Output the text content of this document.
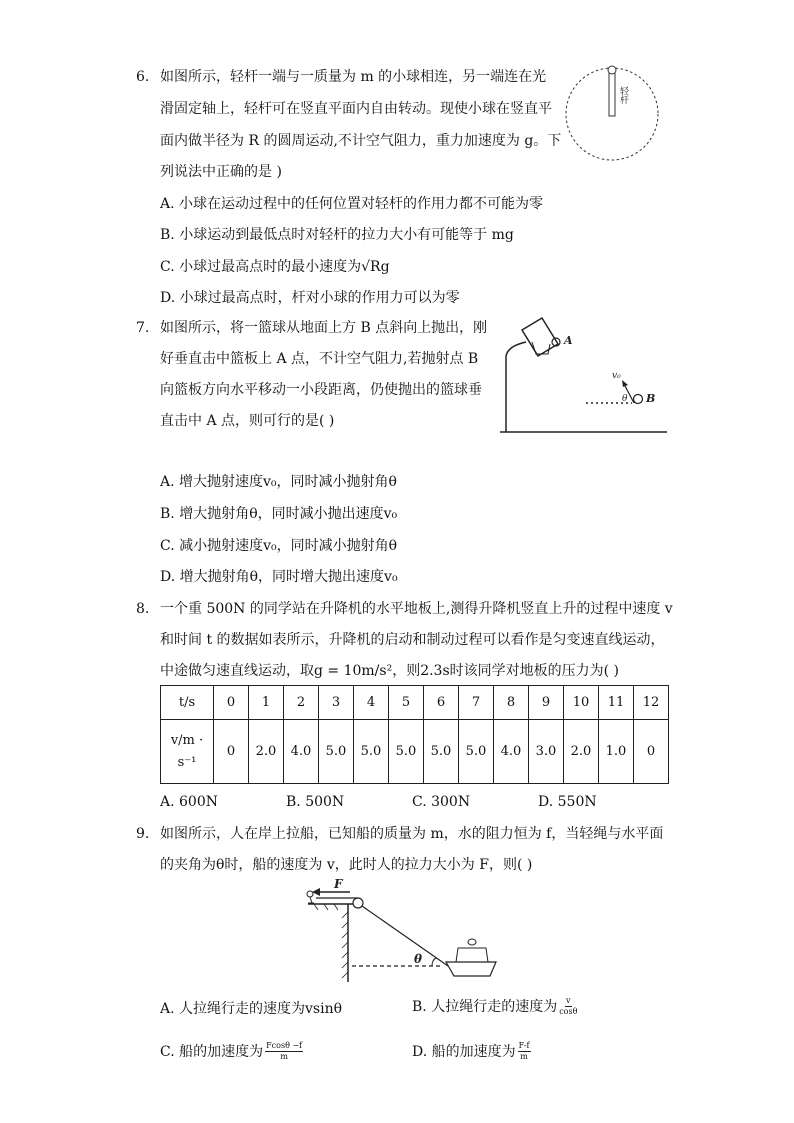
6. 如图所示，轻杆一端与一质量为 m 的小球相连，另一端连在光
滑固定轴上，轻杆可在竖直平面内自由转动。现使小球在竖直平
面内做半径为 R 的圆周运动,不计空气阻力，重力加速度为 g。下
列说法中正确的是 )
A. 小球在运动过程中的任何位置对轻杆的作用力都不可能为零
B. 小球运动到最低点时对轻杆的拉力大小有可能等于 mg
C. 小球过最高点时的最小速度为√Rg
D. 小球过最高点时，杆对小球的作用力可以为零
轻杆
7. 如图所示，将一篮球从地面上方 B 点斜向上抛出，刚
好垂直击中篮板上 A 点，不计空气阻力,若抛射点 B
向篮板方向水平移动一小段距离，仍使抛出的篮球垂
直击中 A 点，则可行的是( )
A. 增大抛射速度v₀，同时减小抛射角θ
B. 增大抛射角θ，同时减小抛出速度v₀
C. 减小抛射速度v₀，同时减小抛射角θ
D. 增大抛射角θ，同时增大抛出速度v₀
A
v₀
θ B
8. 一个重 500N 的同学站在升降机的水平地板上,测得升降机竖直上升的过程中速度 v
和时间 t 的数据如表所示，升降机的启动和制动过程可以看作是匀变速直线运动，
中途做匀速直线运动，取g = 10m/s²，则2.3s时该同学对地板的压力为( )
t/s	0	1	2	3	4	5	6	7	8	9	10	11	12
v/m ·
s⁻¹	0	2.0	4.0	5.0	5.0	5.0	5.0	5.0	4.0	3.0	2.0	1.0	0
A. 600N	B. 500N	C. 300N	D. 550N
9. 如图所示，人在岸上拉船，已知船的质量为 m，水的阻力恒为 f，当轻绳与水平面
的夹角为θ时，船的速度为 v，此时人的拉力大小为 F，则( )
F
θ
A. 人拉绳行走的速度为vsinθ	B. 人拉绳行走的速度为 $\frac{v}{\cos\theta}$
C. 船的加速度为 $\frac{Fcos\theta -f}{m}$	D. 船的加速度为 $\frac{F-f}{m}$
